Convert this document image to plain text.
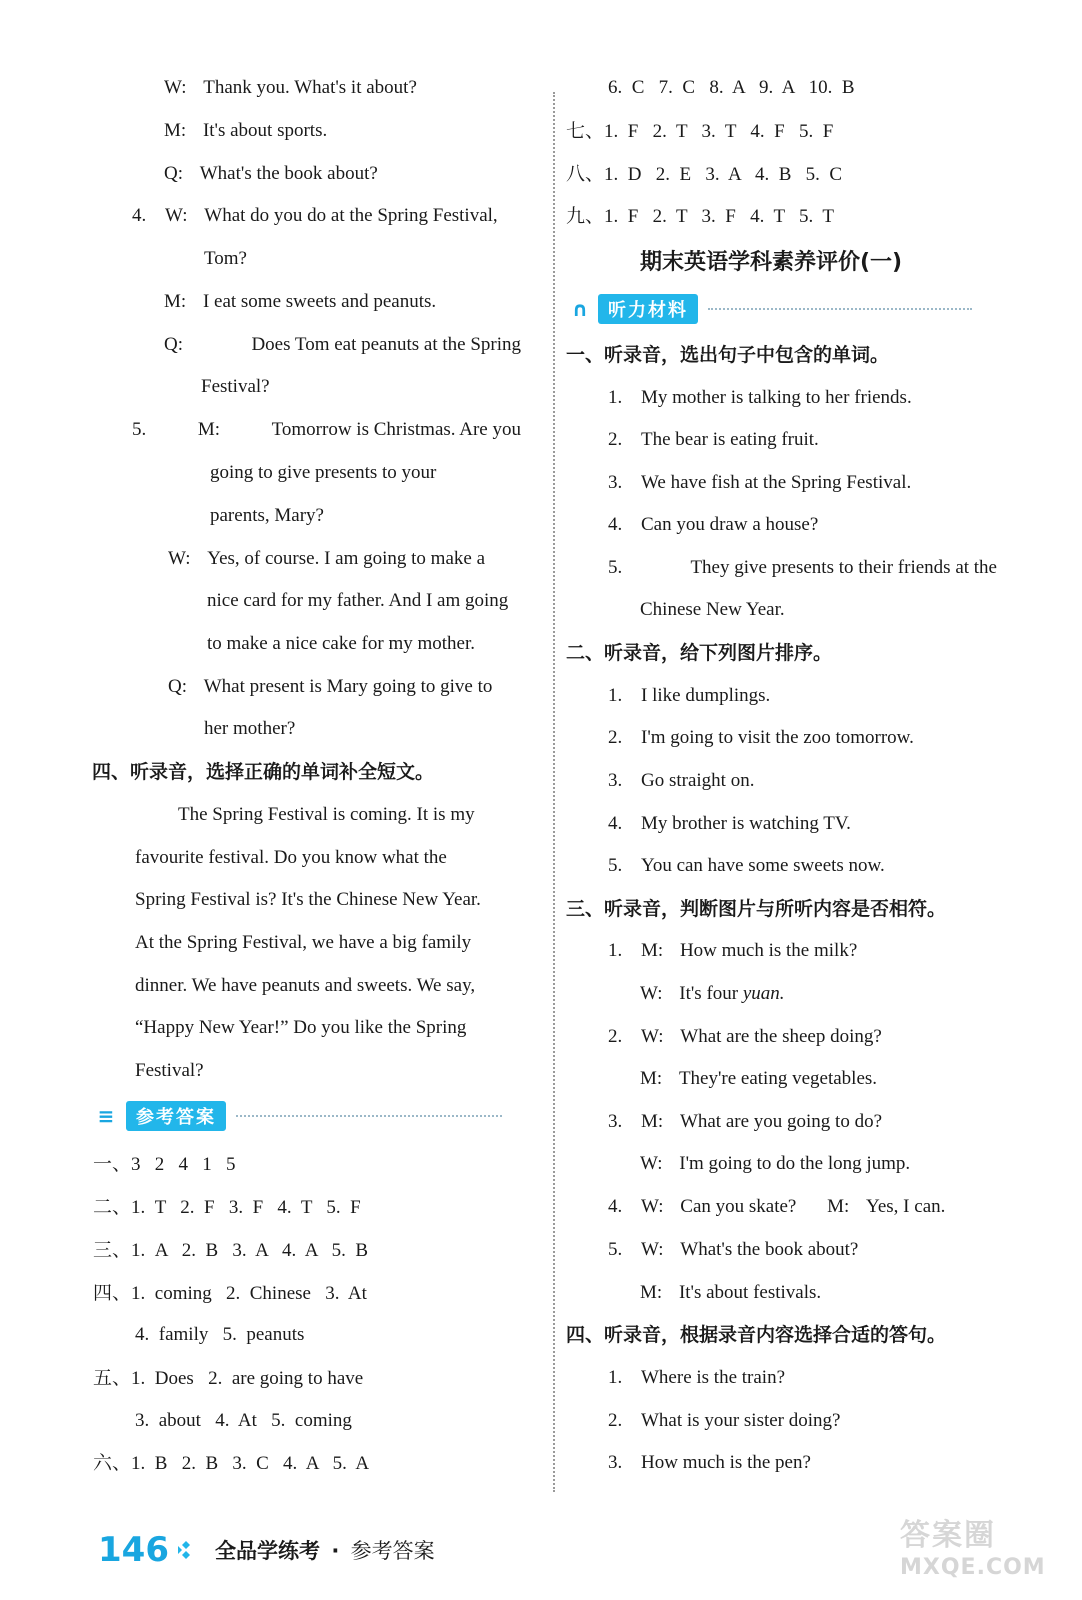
W: Thank you. What's it about?
M: It's about sports.
Q: What's the book about?
4. W: What do you do at the Spring Festival,
Tom?
M: I eat some sweets and peanuts.
Q:	Does Tom eat peanuts at the Spring
Festival?
5.	M:	Tomorrow is Christmas. Are you
going to give presents to your
parents, Mary?
W: Yes, of course. I am going to make a
nice card for my father. And I am going
to make a nice cake for my mother.
Q: What present is Mary going to give to
her mother?
四、听录音，选择正确的单词补全短文。
The Spring Festival is coming. It is my
favourite festival. Do you know what the
Spring Festival is? It's the Chinese New Year.
At the Spring Festival, we have a big family
dinner. We have peanuts and sweets. We say,
“Happy New Year!” Do you like the Spring
Festival?
≡	参考答案
一、3   2   4   1   5
二、1.  T   2.  F   3.  F   4.  T   5.  F
三、1.  A   2.  B   3.  A   4.  A   5.  B
四、1.  coming   2.  Chinese   3.  At
4.  family   5.  peanuts
五、1.  Does   2.  are going to have
3.  about   4.  At   5.  coming
六、1.  B   2.  B   3.  C   4.  A   5.  A
6.  C   7.  C   8.  A   9.  A   10.  B
七、1.  F   2.  T   3.  T   4.  F   5.  F
八、1.  D   2.  E   3.  A   4.  B   5.  C
九、1.  F   2.  T   3.  F   4.  T   5.  T
期末英语学科素养评价(一)
∩	听力材料
一、听录音，选出句子中包含的单词。
1. My mother is talking to her friends.
2. The bear is eating fruit.
3. We have fish at the Spring Festival.
4. Can you draw a house?
5.	They give presents to their friends at the
Chinese New Year.
二、听录音，给下列图片排序。
1. I like dumplings.
2. I'm going to visit the zoo tomorrow.
3. Go straight on.
4. My brother is watching TV.
5. You can have some sweets now.
三、听录音，判断图片与所听内容是否相符。
1. M: How much is the milk?
W: It's four yuan.
2. W: What are the sheep doing?
M: They're eating vegetables.
3. M: What are you going to do?
W: I'm going to do the long jump.
4. W: Can you skate? M: Yes, I can.
5. W: What's the book about?
M: It's about festivals.
四、听录音，根据录音内容选择合适的答句。
1. Where is the train?
2. What is your sister doing?
3. How much is the pen?
146 全品学练考 · 参考答案	答案圈
MXQE.COM
